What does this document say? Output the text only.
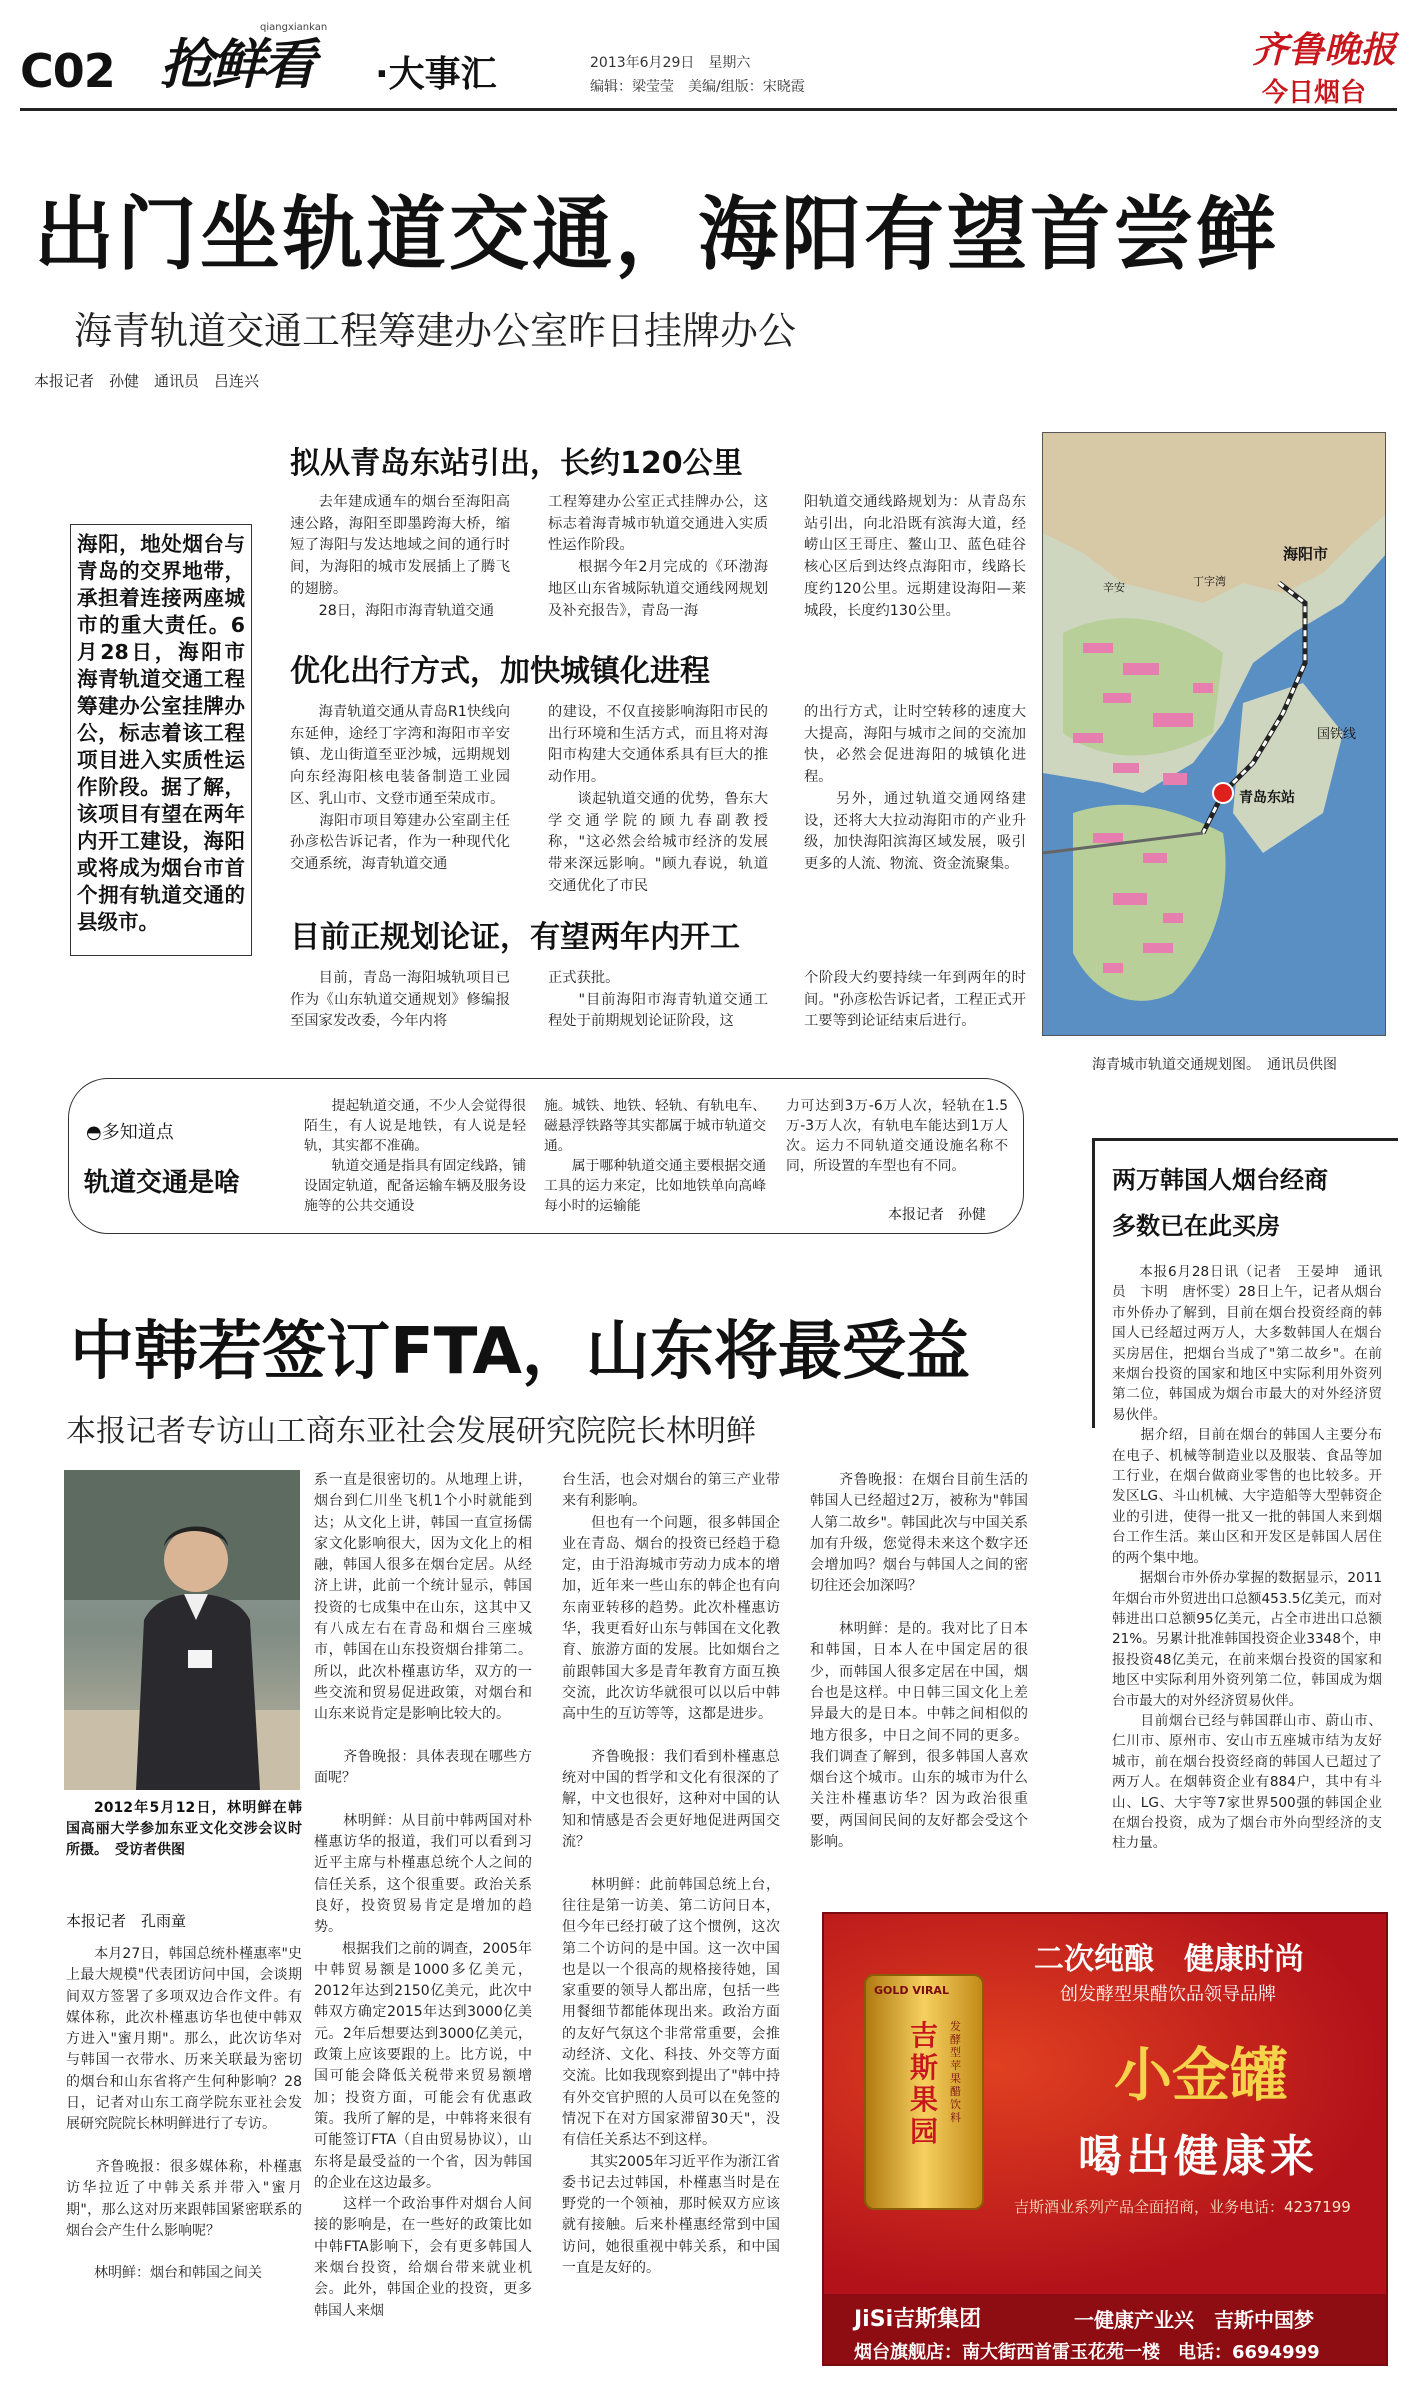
C02 抢鲜看
qiangxiankan
·大事汇	2013年6月29日　星期六
编辑：梁莹莹　美编/组版：宋晓霞
齐鲁晚报
今日烟台
出门坐轨道交通，海阳有望首尝鲜
海青轨道交通工程筹建办公室昨日挂牌办公
本报记者　孙健　通讯员　吕连兴
海阳，地处烟台与青岛的交界地带，承担着连接两座城市的重大责任。6月28日，海阳市海青轨道交通工程筹建办公室挂牌办公，标志着该工程项目进入实质性运作阶段。据了解，该项目有望在两年内开工建设，海阳或将成为烟台市首个拥有轨道交通的县级市。
拟从青岛东站引出，长约120公里
去年建成通车的烟台至海阳高速公路，海阳至即墨跨海大桥，缩短了海阳与发达地域之间的通行时间，为海阳的城市发展插上了腾飞的翅膀。
　　28日，海阳市海青轨道交通
工程筹建办公室正式挂牌办公，这标志着海青城市轨道交通进入实质性运作阶段。
　　根据今年2月完成的《环渤海地区山东省城际轨道交通线网规划及补充报告》，青岛一海
阳轨道交通线路规划为：从青岛东站引出，向北沿既有滨海大道，经崂山区王哥庄、鳌山卫、蓝色硅谷核心区后到达终点海阳市，线路长度约120公里。远期建设海阳—莱城段，长度约130公里。
优化出行方式，加快城镇化进程
海青轨道交通从青岛R1快线向东延伸，途经丁字湾和海阳市辛安镇、龙山街道至亚沙城，远期规划向东经海阳核电装备制造工业园区、乳山市、文登市通至荣成市。
　　海阳市项目筹建办公室副主任孙彦松告诉记者，作为一种现代化交通系统，海青轨道交通
的建设，不仅直接影响海阳市民的出行环境和生活方式，而且将对海阳市构建大交通体系具有巨大的推动作用。
　　谈起轨道交通的优势，鲁东大学交通学院的顾九春副教授称，"这必然会给城市经济的发展带来深远影响。"顾九春说，轨道交通优化了市民
的出行方式，让时空转移的速度大大提高，海阳与城市之间的交流加快，必然会促进海阳的城镇化进程。
　　另外，通过轨道交通网络建设，还将大大拉动海阳市的产业升级，加快海阳滨海区域发展，吸引更多的人流、物流、资金流聚集。
目前正规划论证，有望两年内开工
目前，青岛一海阳城轨项目已作为《山东轨道交通规划》修编报至国家发改委，今年内将
正式获批。
　　"目前海阳市海青轨道交通工程处于前期规划论证阶段，这
个阶段大约要持续一年到两年的时间。"孙彦松告诉记者，工程正式开工要等到论证结束后进行。
海阳市
青岛东站
国铁线
丁字湾
辛安
海青城市轨道交通规划图。　通讯员供图
◓多知道点
轨道交通是啥
提起轨道交通，不少人会觉得很陌生，有人说是地铁，有人说是轻轨，其实都不准确。
　　轨道交通是指具有固定线路，铺设固定轨道，配备运输车辆及服务设施等的公共交通设
施。城铁、地铁、轻轨、有轨电车、磁悬浮铁路等其实都属于城市轨道交通。
　　属于哪种轨道交通主要根据交通工具的运力来定，比如地铁单向高峰每小时的运输能
力可达到3万-6万人次，轻轨在1.5万-3万人次，有轨电车能达到1万人次。运力不同轨道交通设施名称不同，所设置的车型也有不同。
本报记者　孙健
中韩若签订FTA，山东将最受益
本报记者专访山工商东亚社会发展研究院院长林明鲜
2012年5月12日，林明鲜在韩国高丽大学参加东亚文化交涉会议时所摄。　受访者供图
本报记者　孔雨童
　　本月27日，韩国总统朴槿惠率"史上最大规模"代表团访问中国，会谈期间双方签署了多项双边合作文件。有媒体称，此次朴槿惠访华也使中韩双方进入"蜜月期"。那么，此次访华对与韩国一衣带水、历来关联最为密切的烟台和山东省将产生何种影响？28日，记者对山东工商学院东亚社会发展研究院院长林明鲜进行了专访。

　　齐鲁晚报：很多媒体称，朴槿惠访华拉近了中韩关系并带入"蜜月期"，那么这对历来跟韩国紧密联系的烟台会产生什么影响呢？

　　林明鲜：烟台和韩国之间关
系一直是很密切的。从地理上讲，烟台到仁川坐飞机1个小时就能到达；从文化上讲，韩国一直宣扬儒家文化影响很大，因为文化上的相融，韩国人很多在烟台定居。从经济上讲，此前一个统计显示，韩国投资的七成集中在山东，这其中又有八成左右在青岛和烟台三座城市，韩国在山东投资烟台排第二。所以，此次朴槿惠访华，双方的一些交流和贸易促进政策，对烟台和山东来说肯定是影响比较大的。

　　齐鲁晚报：具体表现在哪些方面呢？

　　林明鲜：从目前中韩两国对朴槿惠访华的报道，我们可以看到习近平主席与朴槿惠总统个人之间的信任关系，这个很重要。政治关系良好，投资贸易肯定是增加的趋势。
　　根据我们之前的调查，2005年中韩贸易额是1000多亿美元，2012年达到2150亿美元，此次中韩双方确定2015年达到3000亿美元。2年后想要达到3000亿美元，政策上应该要跟的上。比方说，中国可能会降低关税带来贸易额增加；投资方面，可能会有优惠政策。我所了解的是，中韩将来很有可能签订FTA（自由贸易协议），山东将是最受益的一个省，因为韩国的企业在这边最多。
　　这样一个政治事件对烟台人间接的影响是，在一些好的政策比如中韩FTA影响下，会有更多韩国人来烟台投资，给烟台带来就业机会。此外，韩国企业的投资，更多韩国人来烟
台生活，也会对烟台的第三产业带来有利影响。
　　但也有一个问题，很多韩国企业在青岛、烟台的投资已经趋于稳定，由于沿海城市劳动力成本的增加，近年来一些山东的韩企也有向东南亚转移的趋势。此次朴槿惠访华，我更看好山东与韩国在文化教育、旅游方面的发展。比如烟台之前跟韩国大多是青年教育方面互换交流，此次访华就很可以以后中韩高中生的互访等等，这都是进步。

　　齐鲁晚报：我们看到朴槿惠总统对中国的哲学和文化有很深的了解，中文也很好，这种对中国的认知和情感是否会更好地促进两国交流？

　　林明鲜：此前韩国总统上台，往往是第一访美、第二访问日本，但今年已经打破了这个惯例，这次第二个访问的是中国。这一次中国也是以一个很高的规格接待她，国家重要的领导人都出席，包括一些用餐细节都能体现出来。政治方面的友好气氛这个非常常重要，会推动经济、文化、科技、外交等方面交流。比如我现察到提出了"韩中持有外交官护照的人员可以在免签的情况下在对方国家滞留30天"，没有信任关系达不到这样。
　　其实2005年习近平作为浙江省委书记去过韩国，朴槿惠当时是在野党的一个领袖，那时候双方应该就有接触。后来朴槿惠经常到中国访问，她很重视中韩关系，和中国一直是友好的。
　　齐鲁晚报：在烟台目前生活的韩国人已经超过2万，被称为"韩国人第二故乡"。韩国此次与中国关系加有升级，您觉得未来这个数字还会增加吗？烟台与韩国人之间的密切往还会加深吗？

　　林明鲜：是的。我对比了日本和韩国，日本人在中国定居的很少，而韩国人很多定居在中国，烟台也是这样。中日韩三国文化上差异最大的是日本。中韩之间相似的地方很多，中日之间不同的更多。我们调查了解到，很多韩国人喜欢烟台这个城市。山东的城市为什么关注朴槿惠访华？因为政治很重要，两国间民间的友好都会受这个影响。
两万韩国人烟台经商
多数已在此买房
本报6月28日讯（记者　王晏坤　通讯员　卞明　唐怀雯）28日上午，记者从烟台市外侨办了解到，目前在烟台投资经商的韩国人已经超过两万人，大多数韩国人在烟台买房居住，把烟台当成了"第二故乡"。在前来烟台投资的国家和地区中实际利用外资列第二位，韩国成为烟台市最大的对外经济贸易伙伴。
　　据介绍，目前在烟台的韩国人主要分布在电子、机械等制造业以及服装、食品等加工行业，在烟台做商业零售的也比较多。开发区LG、斗山机械、大宇造船等大型韩资企业的引进，使得一批又一批的韩国人来到烟台工作生活。莱山区和开发区是韩国人居住的两个集中地。
　　据烟台市外侨办掌握的数据显示，2011年烟台市外贸进出口总额453.5亿美元，而对韩进出口总额95亿美元，占全市进出口总额21%。另累计批准韩国投资企业3348个，申报投资48亿美元，在前来烟台投资的国家和地区中实际利用外资列第二位，韩国成为烟台市最大的对外经济贸易伙伴。
　　目前烟台已经与韩国群山市、蔚山市、仁川市、原州市、安山市五座城市结为友好城市，前在烟台投资经商的韩国人已超过了两万人。在烟韩资企业有884户，其中有斗山、LG、大宇等7家世界500强的韩国企业在烟台投资，成为了烟台市外向型经济的支柱力量。
二次纯酿　健康时尚
创发酵型果醋饮品领导品牌
小金罐
喝出健康来
吉斯酒业系列产品全面招商，业务电话：4237199
GOLD VIRAL
吉斯果园
发酵型苹果醋饮料
JiSi吉斯集团	一健康产业兴　吉斯中国梦
烟台旗舰店：南大街西首雷玉花苑一楼　电话：6694999
